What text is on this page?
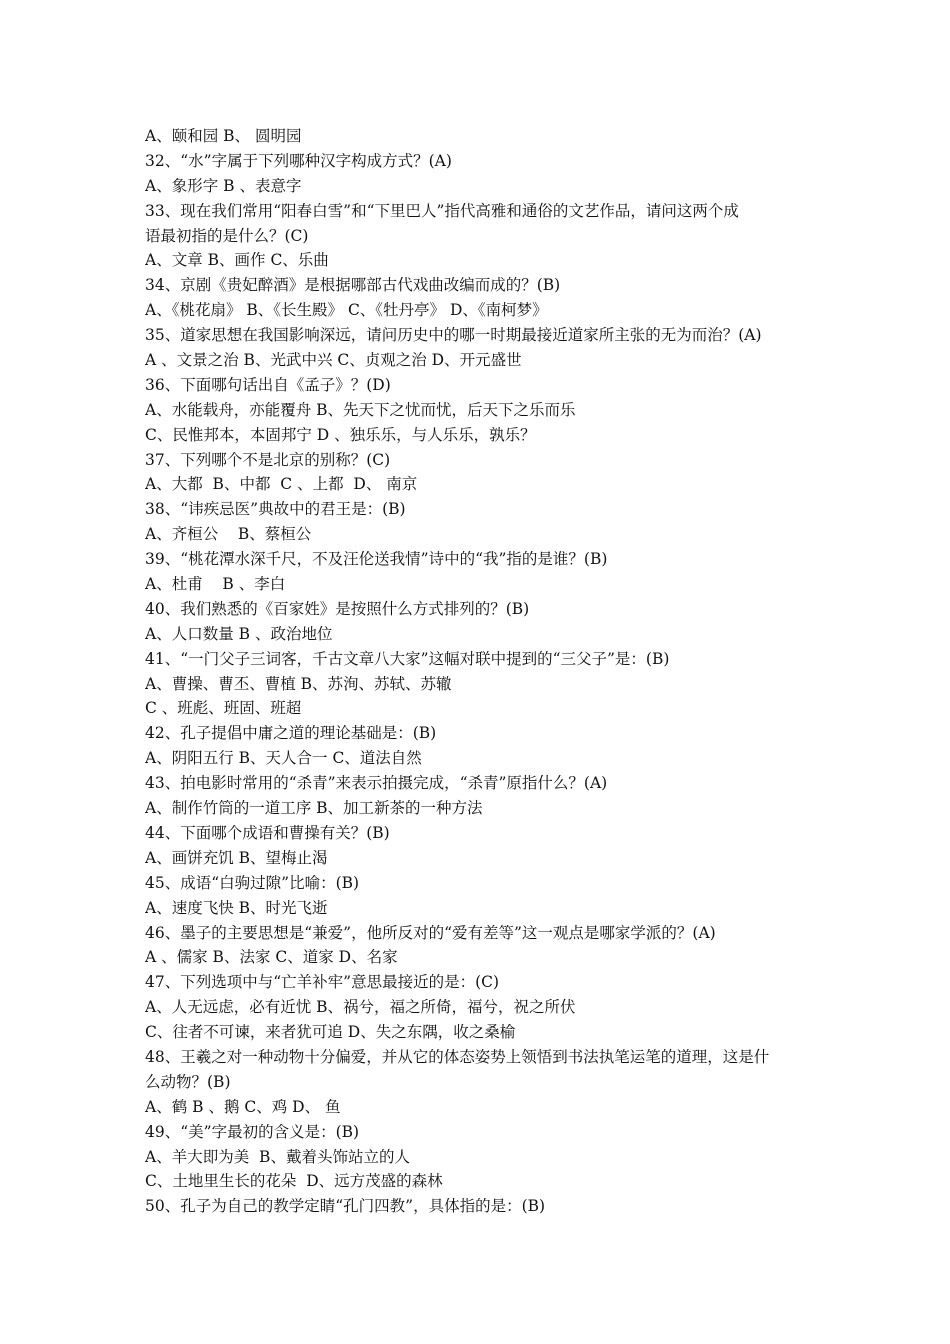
A、颐和园 B、 圆明园
32、“水”字属于下列哪种汉字构成方式？(A)
A、象形字 B 、表意字
33、现在我们常用“阳春白雪”和“下里巴人”指代高雅和通俗的文艺作品，请问这两个成
语最初指的是什么？(C)
A、文章 B、画作 C、乐曲
34、京剧《贵妃醉酒》是根据哪部古代戏曲改编而成的？(B)
A、《桃花扇》 B、《长生殿》 C、《牡丹亭》 D、《南柯梦》
35、道家思想在我国影响深远，请问历史中的哪一时期最接近道家所主张的无为而治？(A)
A 、文景之治 B、光武中兴 C、贞观之治 D、开元盛世
36、下面哪句话出自《孟子》？(D)
A、水能载舟，亦能覆舟 B、先天下之忧而忧，后天下之乐而乐
C、民惟邦本，本固邦宁 D 、独乐乐，与人乐乐，孰乐？
37、下列哪个不是北京的别称？(C)
A、大都  B、中都  C 、上都  D、 南京
38、“讳疾忌医”典故中的君王是：(B)
A、齐桓公    B、蔡桓公
39、“桃花潭水深千尺，不及汪伦送我情”诗中的“我”指的是谁？(B)
A、杜甫    B 、李白
40、我们熟悉的《百家姓》是按照什么方式排列的？(B)
A、人口数量 B 、政治地位
41、“一门父子三词客，千古文章八大家”这幅对联中提到的“三父子”是：(B)
A、曹操、曹丕、曹植 B、苏洵、苏轼、苏辙
C 、班彪、班固、班超
42、孔子提倡中庸之道的理论基础是：(B)
A、阴阳五行 B、天人合一 C、道法自然
43、拍电影时常用的“杀青”来表示拍摄完成，“杀青”原指什么？(A)
A、制作竹筒的一道工序 B、加工新茶的一种方法
44、下面哪个成语和曹操有关？(B)
A、画饼充饥 B、望梅止渴
45、成语“白驹过隙”比喻：(B)
A、速度飞快 B、时光飞逝
46、墨子的主要思想是“兼爱”，他所反对的“爱有差等”这一观点是哪家学派的？(A)
A 、儒家 B、法家 C、道家 D、名家
47、下列选项中与“亡羊补牢”意思最接近的是：(C)
A、人无远虑，必有近忧 B、祸兮，福之所倚，福兮，祝之所伏
C、往者不可谏，来者犹可追 D、失之东隅，收之桑榆
48、王羲之对一种动物十分偏爱，并从它的体态姿势上领悟到书法执笔运笔的道理，这是什
么动物？(B)
A、鹤 B 、鹅 C、鸡 D、 鱼
49、“美”字最初的含义是：(B)
A、羊大即为美  B、戴着头饰站立的人
C、土地里生长的花朵  D、远方茂盛的森林
50、孔子为自己的教学定睛“孔门四教”，具体指的是：(B)
